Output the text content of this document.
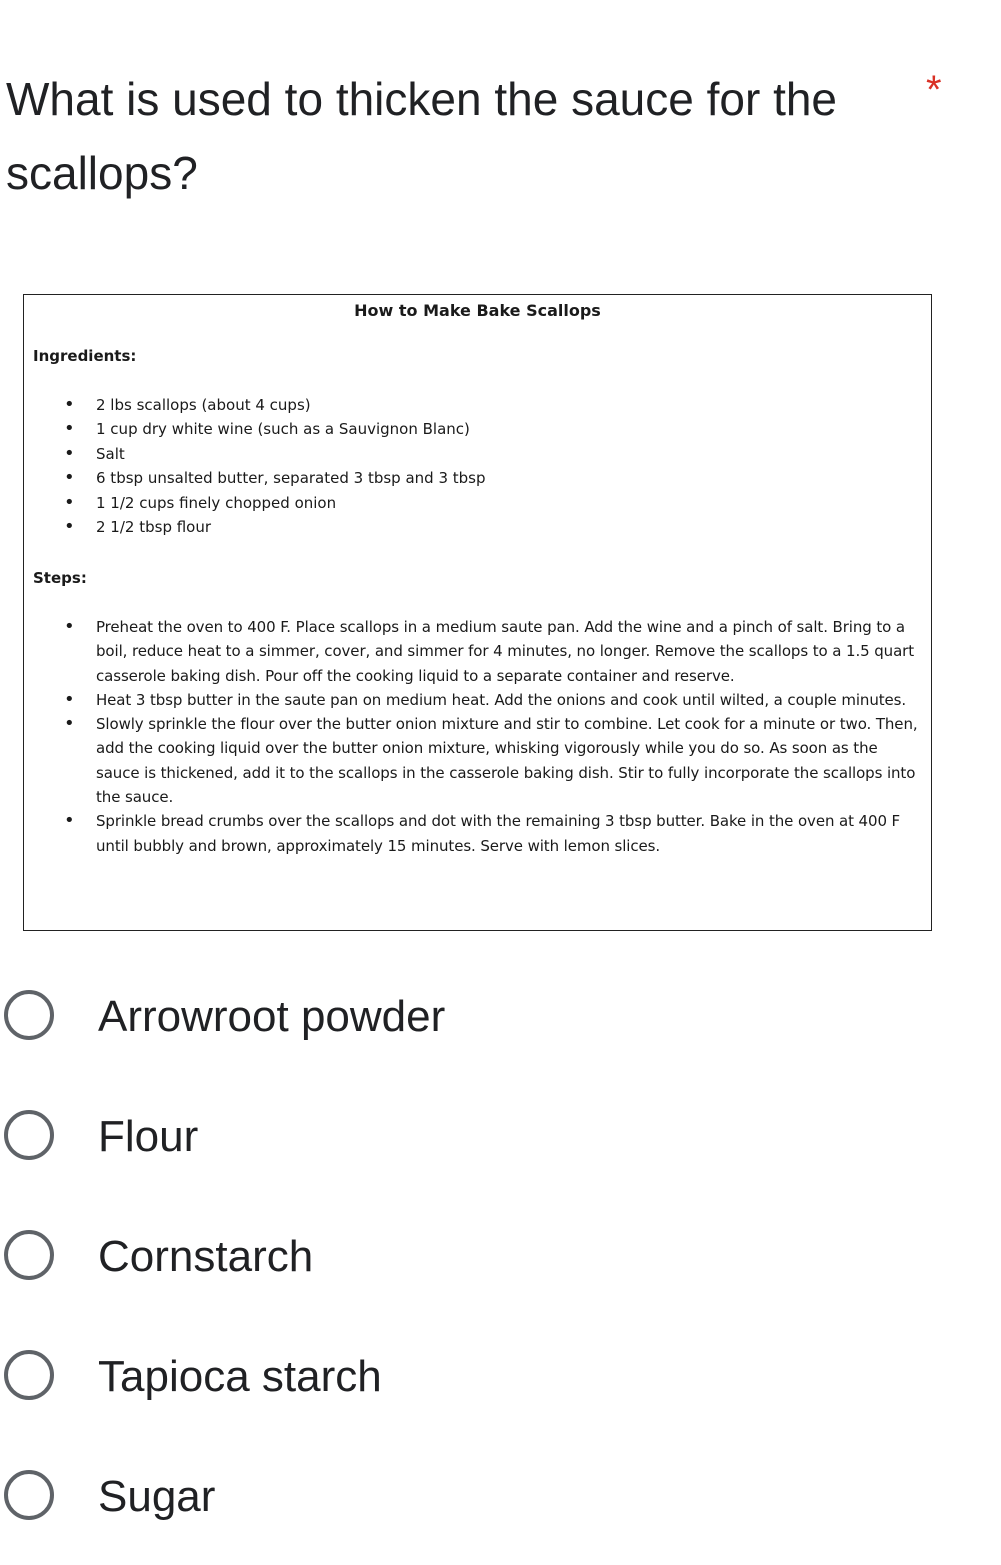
What is used to thicken the sauce for the scallops?
*
How to Make Bake Scallops
Ingredients:
• 2 lbs scallops (about 4 cups)
• 1 cup dry white wine (such as a Sauvignon Blanc)
• Salt
• 6 tbsp unsalted butter, separated 3 tbsp and 3 tbsp
• 1 1/2 cups finely chopped onion
• 2 1/2 tbsp flour
Steps:
• Preheat the oven to 400 F. Place scallops in a medium saute pan. Add the wine and a pinch of salt. Bring to a boil, reduce heat to a simmer, cover, and simmer for 4 minutes, no longer. Remove the scallops to a 1.5 quart casserole baking dish. Pour off the cooking liquid to a separate container and reserve.
• Heat 3 tbsp butter in the saute pan on medium heat. Add the onions and cook until wilted, a couple minutes.
• Slowly sprinkle the flour over the butter onion mixture and stir to combine. Let cook for a minute or two. Then, add the cooking liquid over the butter onion mixture, whisking vigorously while you do so. As soon as the sauce is thickened, add it to the scallops in the casserole baking dish. Stir to fully incorporate the scallops into the sauce.
• Sprinkle bread crumbs over the scallops and dot with the remaining 3 tbsp butter. Bake in the oven at 400 F until bubbly and brown, approximately 15 minutes. Serve with lemon slices.
Arrowroot powder
Flour
Cornstarch
Tapioca starch
Sugar
